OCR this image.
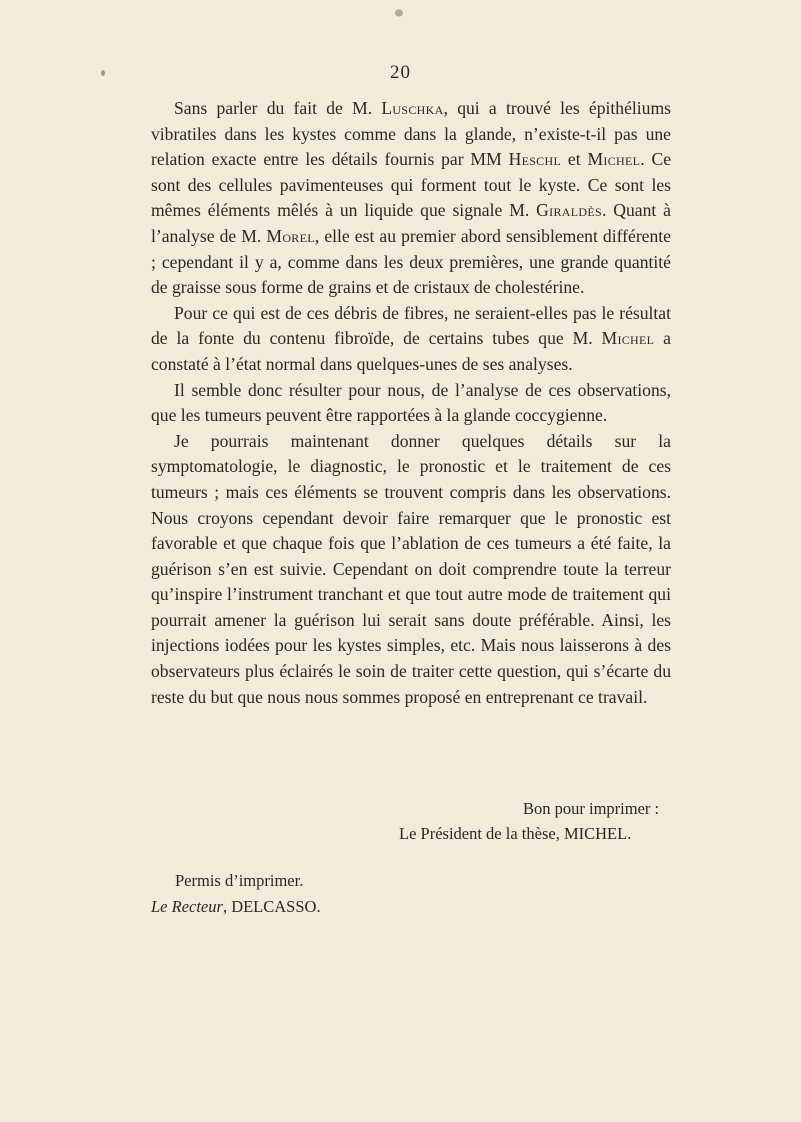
20

Sans parler du fait de M. Luschka, qui a trouvé les épithéliums vibratiles dans les kystes comme dans la glande, n’existe-t-il pas une relation exacte entre les détails fournis par MM Heschl et Michel. Ce sont des cellules pavimenteuses qui forment tout le kyste. Ce sont les mêmes éléments mêlés à un liquide que signale M. Giraldès. Quant à l’analyse de M. Morel, elle est au premier abord sensiblement différente ; cependant il y a, comme dans les deux premières, une grande quantité de graisse sous forme de grains et de cristaux de cholestérine.

Pour ce qui est de ces débris de fibres, ne seraient-elles pas le résultat de la fonte du contenu fibroïde, de certains tubes que M. Michel a constaté à l’état normal dans quelques-unes de ses analyses.

Il semble donc résulter pour nous, de l’analyse de ces observations, que les tumeurs peuvent être rapportées à la glande coccygienne.

Je pourrais maintenant donner quelques détails sur la symptomatologie, le diagnostic, le pronostic et le traitement de ces tumeurs ; mais ces éléments se trouvent compris dans les observations. Nous croyons cependant devoir faire remarquer que le pronostic est favorable et que chaque fois que l’ablation de ces tumeurs a été faite, la guérison s’en est suivie. Cependant on doit comprendre toute la terreur qu’inspire l’instrument tranchant et que tout autre mode de traitement qui pourrait amener la guérison lui serait sans doute préférable. Ainsi, les injections iodées pour les kystes simples, etc. Mais nous laisserons à des observateurs plus éclairés le soin de traiter cette question, qui s’écarte du reste du but que nous nous sommes proposé en entreprenant ce travail.

Bon pour imprimer :
Le Président de la thèse, MICHEL.
Permis d’imprimer.
Le Recteur, DELCASSO.
